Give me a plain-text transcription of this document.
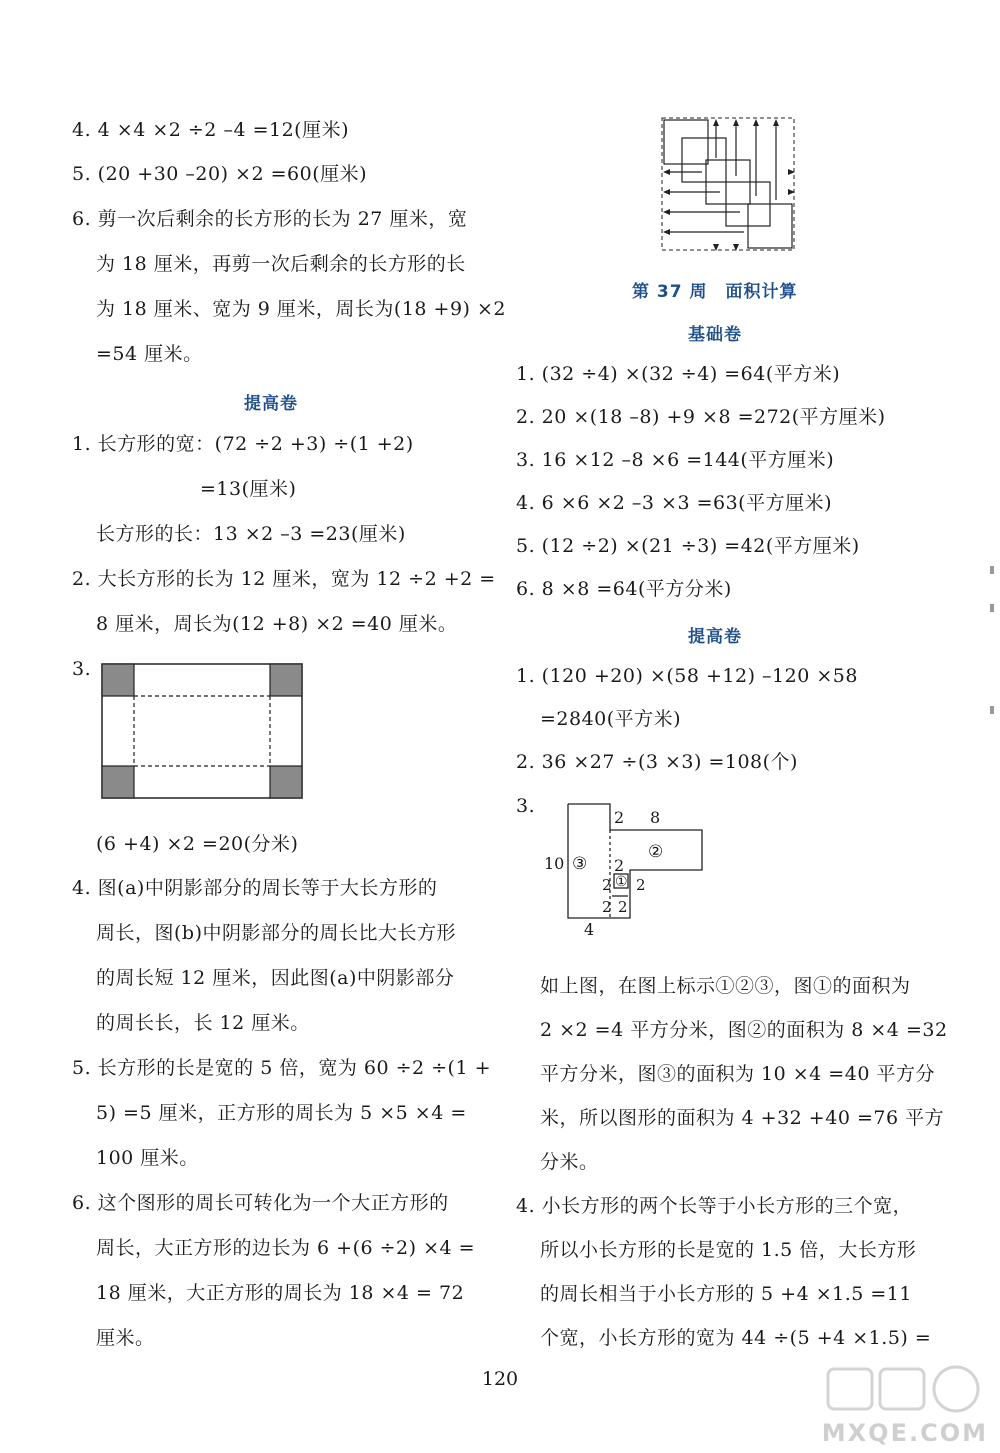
4. 4 ×4 ×2 ÷2 –4 =12(厘米)
5. (20 +30 –20) ×2 =60(厘米)
6. 剪一次后剩余的长方形的长为 27 厘米，宽
为 18 厘米，再剪一次后剩余的长方形的长
为 18 厘米、宽为 9 厘米，周长为(18 +9) ×2
=54 厘米。
提高卷
1. 长方形的宽：(72 ÷2 +3) ÷(1 +2)
=13(厘米)
长方形的长：13 ×2 –3 =23(厘米)
2. 大长方形的长为 12 厘米，宽为 12 ÷2 +2 =
8 厘米，周长为(12 +8) ×2 =40 厘米。
3.
(6 +4) ×2 =20(分米)
4. 图(a)中阴影部分的周长等于大长方形的
周长，图(b)中阴影部分的周长比大长方形
的周长短 12 厘米，因此图(a)中阴影部分
的周长长，长 12 厘米。
5. 长方形的长是宽的 5 倍，宽为 60 ÷2 ÷(1 +
5) =5 厘米，正方形的周长为 5 ×5 ×4 =
100 厘米。
6. 这个图形的周长可转化为一个大正方形的
周长，大正方形的边长为 6 +(6 ÷2) ×4 =
18 厘米，大正方形的周长为 18 ×4 = 72
厘米。
第 37 周　面积计算
基础卷
1. (32 ÷4) ×(32 ÷4) =64(平方米)
2. 20 ×(18 –8) +9 ×8 =272(平方厘米)
3. 16 ×12 –8 ×6 =144(平方厘米)
4. 6 ×6 ×2 –3 ×3 =63(平方厘米)
5. (12 ÷2) ×(21 ÷3) =42(平方厘米)
6. 8 ×8 =64(平方分米)
提高卷
1. (120 +20) ×(58 +12) –120 ×58
=2840(平方米)
2. 36 ×27 ÷(3 ×3) =108(个)
3.
10 ③
2 8
2
②
2 ① 2
2 2
4
如上图，在图上标示①②③，图①的面积为
2 ×2 =4 平方分米，图②的面积为 8 ×4 =32
平方分米，图③的面积为 10 ×4 =40 平方分
米，所以图形的面积为 4 +32 +40 =76 平方
分米。
4. 小长方形的两个长等于小长方形的三个宽，
所以小长方形的长是宽的 1.5 倍，大长方形
的周长相当于小长方形的 5 +4 ×1.5 =11
个宽，小长方形的宽为 44 ÷(5 +4 ×1.5) =
120
MXQE.COM
